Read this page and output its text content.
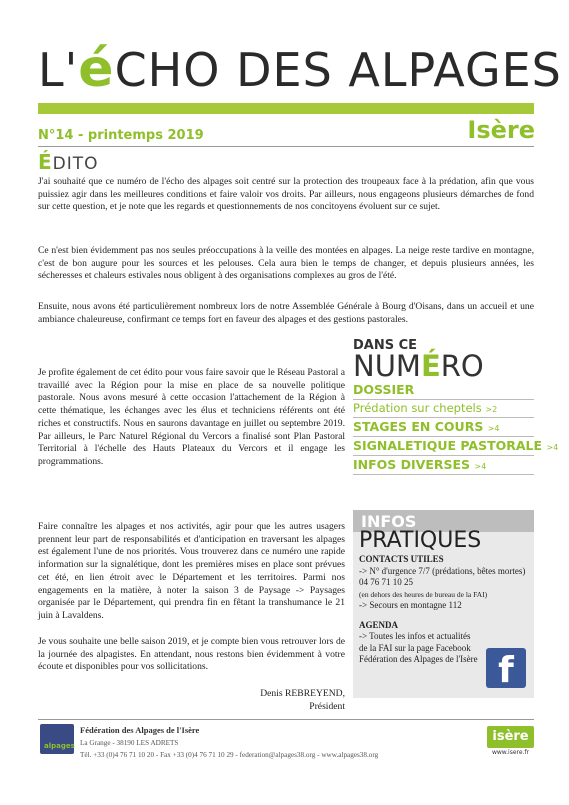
L'éCHO DES ALPAGES
N°14 - printemps 2019	Isère
ÉDITO

J'ai souhaité que ce numéro de l'écho des alpages soit centré sur la protection des troupeaux face à la prédation, afin que vous puissiez agir dans les meilleures conditions et faire valoir vos droits. Par ailleurs, nous engageons plusieurs démarches de fond sur cette question, et je note que les regards et questionnements de nos concitoyens évoluent sur ce sujet.

Ce n'est bien évidemment pas nos seules préoccupations à la veille des montées en alpages. La neige reste tardive en montagne, c'est de bon augure pour les sources et les pelouses. Cela aura bien le temps de changer, et depuis plusieurs années, les sécheresses et chaleurs estivales nous obligent à des organisations complexes au gros de l'été.

Ensuite, nous avons été particulièrement nombreux lors de notre Assemblée Générale à Bourg d'Oisans, dans un accueil et une ambiance chaleureuse, confirmant ce temps fort en faveur des alpages et des gestions pastorales.

Je profite également de cet édito pour vous faire savoir que le Réseau Pastoral a travaillé avec la Région pour la mise en place de sa nouvelle politique pastorale. Nous avons mesuré à cette occasion l'attachement de la Région à cette thématique, les échanges avec les élus et techniciens référents ont été riches et constructifs. Nous en saurons davantage en juillet ou septembre 2019. Par ailleurs, le Parc Naturel Régional du Vercors a finalisé sont Plan Pastoral Territorial à l'échelle des Hauts Plateaux du Vercors et il engage les programmations.

Faire connaître les alpages et nos activités, agir pour que les autres usagers prennent leur part de responsabilités et d'anticipation en traversant les alpages est également l'une de nos priorités. Vous trouverez dans ce numéro une rapide information sur la signalétique, dont les premières mises en place sont prévues cet été, en lien étroit avec le Département et les territoires. Parmi nos engagements en la matière, à noter la saison 3 de Paysage -> Paysages organisée par le Département, qui prendra fin en fêtant la transhumance le 21 juin à Lavaldens.

Je vous souhaite une belle saison 2019, et je compte bien vous retrouver lors de la journée des alpagistes. En attendant, nous restons bien évidemment à votre écoute et disponibles pour vos sollicitations.

Denis REBREYEND,
Président
DANS CE
NUMÉRO
DOSSIER
Prédation sur cheptels >2
STAGES EN COURS >4
SIGNALETIQUE PASTORALE >4
INFOS DIVERSES >4
INFOS
PRATIQUES
CONTACTS UTILES
-> N° d'urgence 7/7 (prédations, bêtes mortes) 04 76 71 10 25
(en dehors des heures de bureau de la FAI)
-> Secours en montagne 112
AGENDA
-> Toutes les infos et actualités de la FAI sur la page Facebook Fédération des Alpages de l'Isère f
alpages
Fédération des Alpages de l'Isère
La Grange - 38190 LES ADRETS
Tél. +33 (0)4 76 71 10 20 - Fax +33 (0)4 76 71 10 29 - federation@alpages38.org - www.alpages38.org
isère
www.isere.fr
